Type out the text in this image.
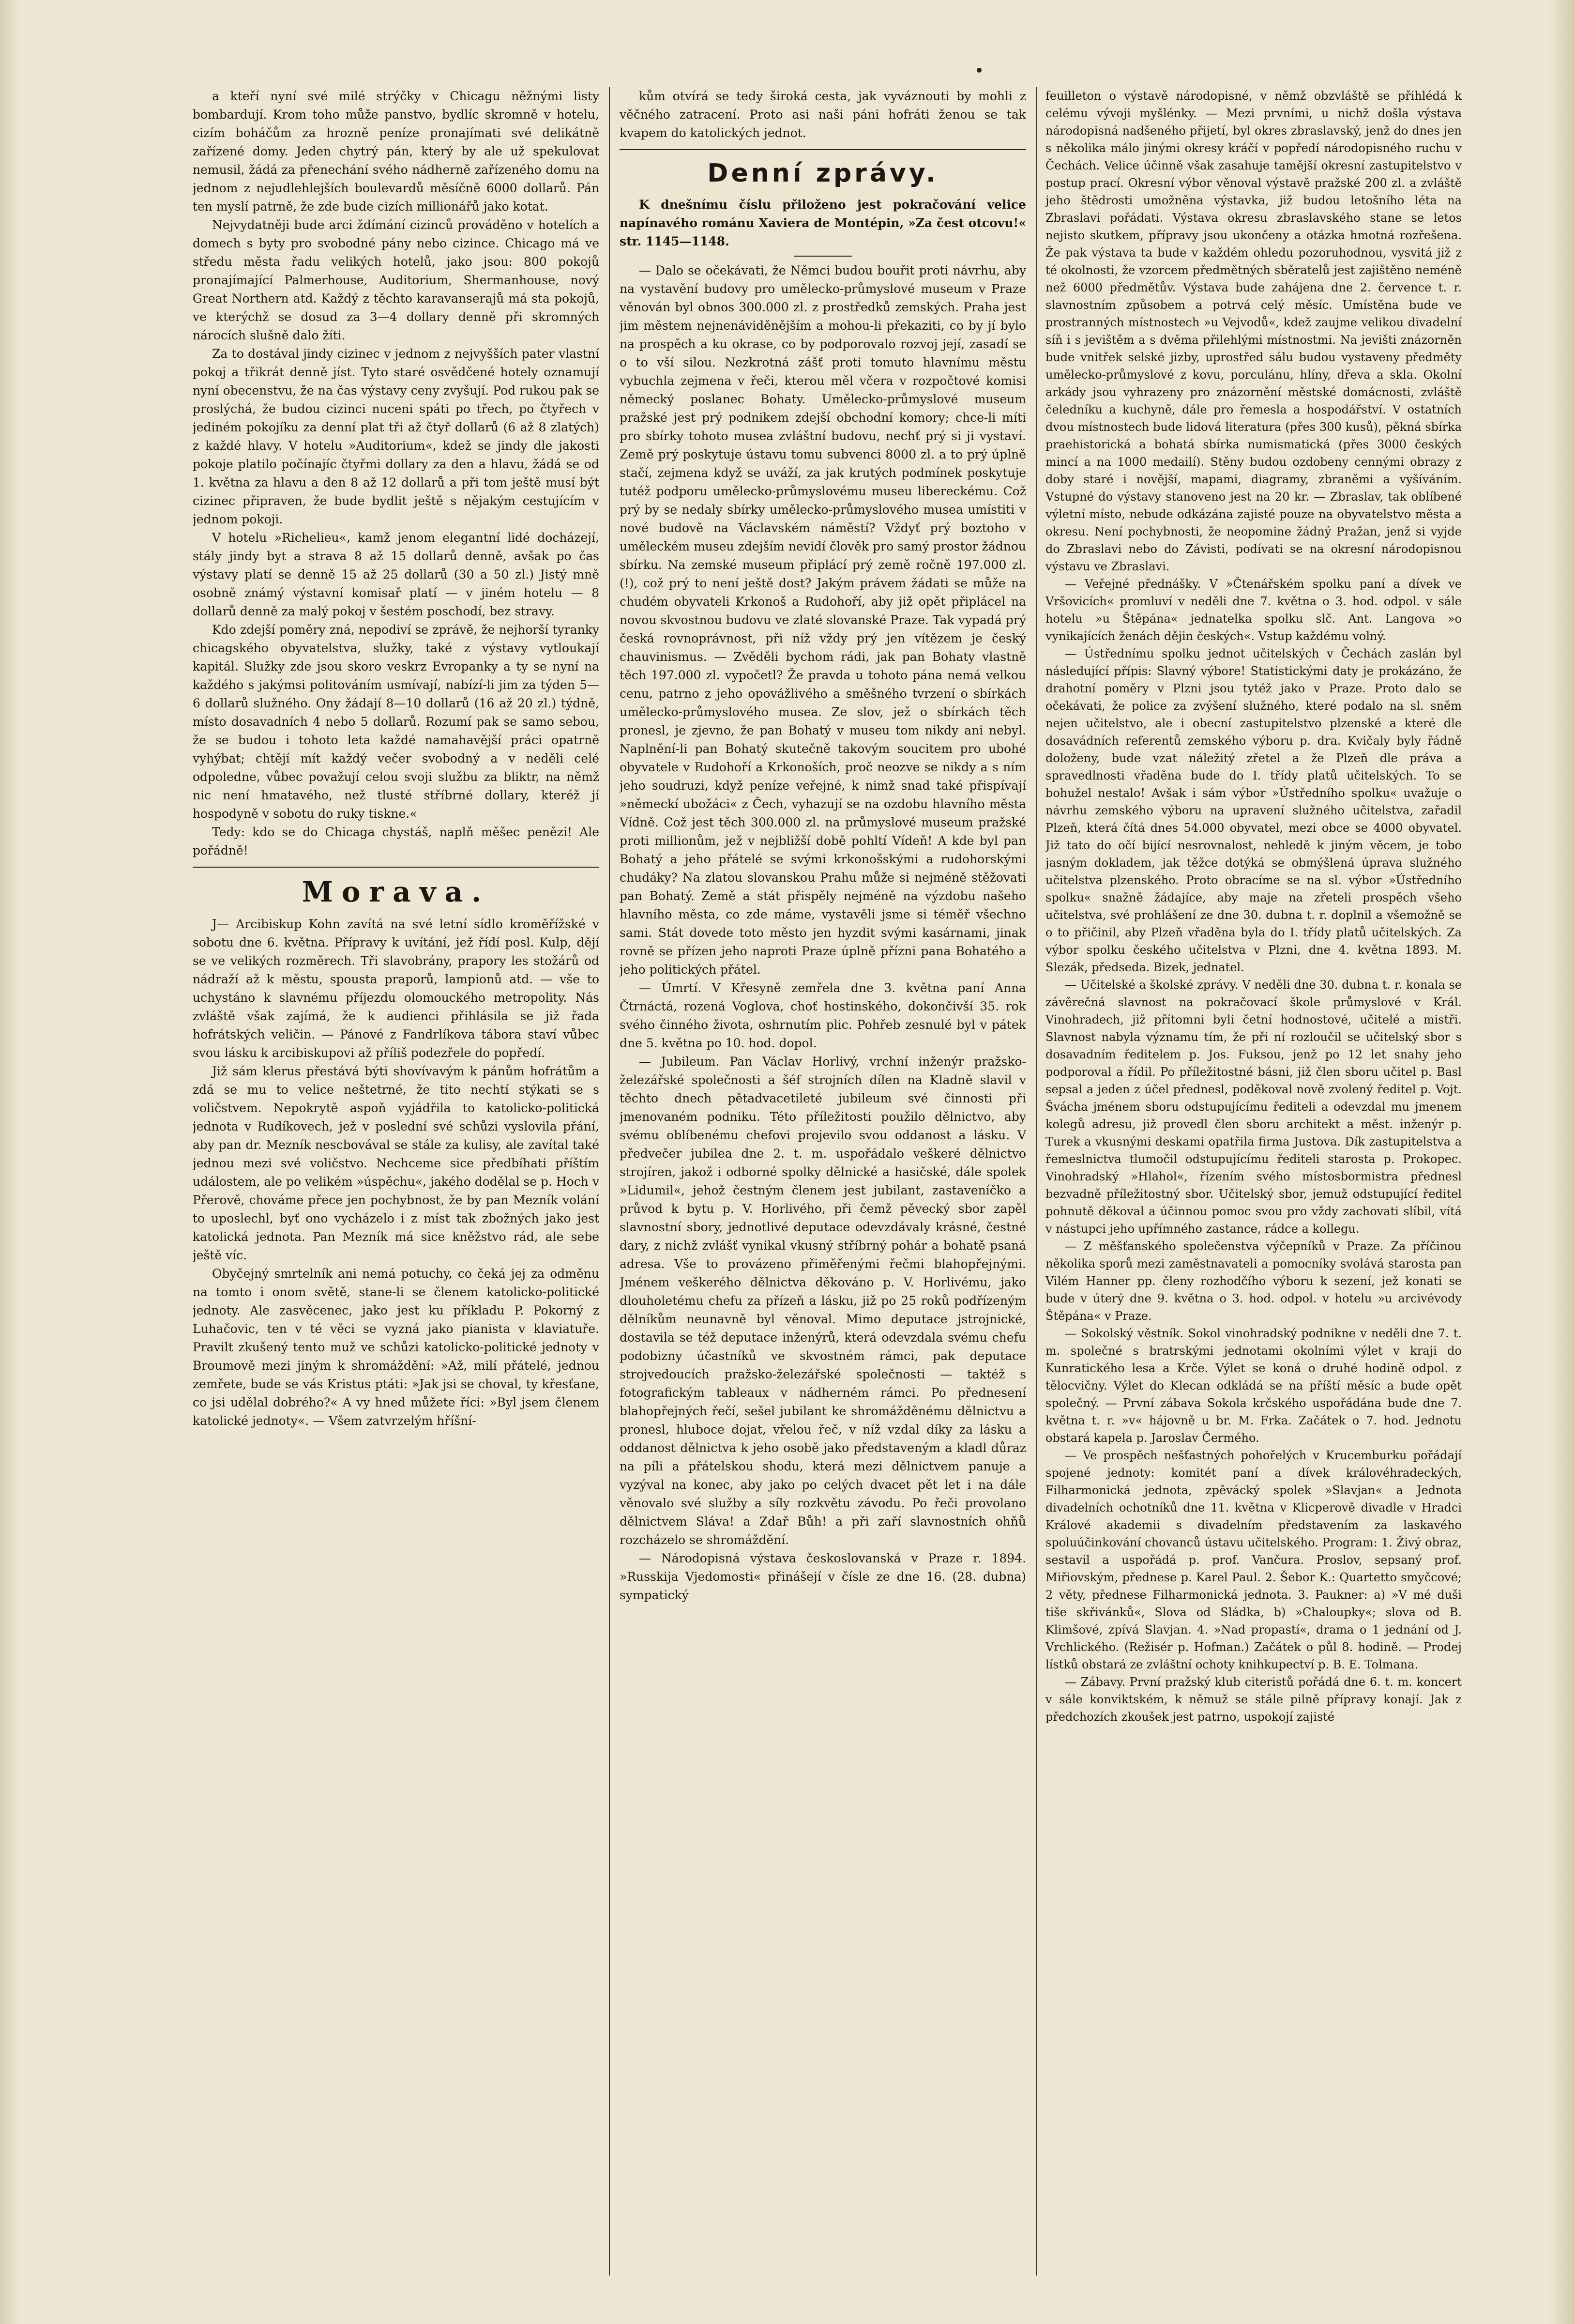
a kteří nyní své milé strýčky v Chicagu něžnými listy bombardují. Krom toho může panstvo, bydlíc skromně v hotelu, cizím boháčům za hrozně peníze pronajímati své delikátně zařízené domy. Jeden chytrý pán, který by ale už spekulovat nemusil, žádá za přenechání svého nádherně zařízeného domu na jednom z nejudlehlejších boulevardů měsíčně 6000 dollarů. Pán ten myslí patrně, že zde bude cizích millionářů jako kotat.

Nejvydatněji bude arci ždímání cizinců prováděno v hotelích a domech s byty pro svobodné pány nebo cizince. Chicago má ve středu města řadu velikých hotelů, jako jsou: 800 pokojů pronajímající Palmerhouse, Auditorium, Shermanhouse, nový Great Northern atd. Každý z těchto karavanserajů má sta pokojů, ve kterýchž se dosud za 3—4 dollary denně při skromných nárocích slušně dalo žíti.

Za to dostával jindy cizinec v jednom z nejvyšších pater vlastní pokoj a třikrát denně jíst. Tyto staré osvědčené hotely oznamují nyní obecenstvu, že na čas výstavy ceny zvyšují. Pod rukou pak se proslýchá, že budou cizinci nuceni spáti po třech, po čtyřech v jediném pokojíku za denní plat tři až čtyř dollarů (6 až 8 zlatých) z každé hlavy. V hotelu »Auditorium«, kdež se jindy dle jakosti pokoje platilo počínajíc čtyřmi dollary za den a hlavu, žádá se od 1. května za hlavu a den 8 až 12 dollarů a při tom ještě musí být cizinec připraven, že bude bydlit ještě s nějakým cestujícím v jednom pokoji.

V hotelu »Richelieu«, kamž jenom elegantní lidé docházejí, stály jindy byt a strava 8 až 15 dollarů denně, avšak po čas výstavy platí se denně 15 až 25 dollarů (30 a 50 zl.) Jistý mně osobně známý výstavní komisař platí — v jiném hotelu — 8 dollarů denně za malý pokoj v šestém poschodí, bez stravy.

Kdo zdejší poměry zná, nepodiví se zprávě, že nejhorší tyranky chicagského obyvatelstva, služky, také z výstavy vytloukají kapitál. Služky zde jsou skoro veskrz Evropanky a ty se nyní na každého s jakýmsi politováním usmívají, nabízí-li jim za týden 5—6 dollarů služného. Ony žádají 8—10 dollarů (16 až 20 zl.) týdně, místo dosavadních 4 nebo 5 dollarů. Rozumí pak se samo sebou, že se budou i tohoto leta každé namahavější práci opatrně vyhýbat; chtějí mít každý večer svobodný a v neděli celé odpoledne, vůbec považují celou svoji službu za bliktr, na němž nic není hmatavého, než tlusté stříbrné dollary, kteréž jí hospodyně v sobotu do ruky tiskne.«

Tedy: kdo se do Chicaga chystáš, naplň měšec penězi! Ale pořádně!

Morava.

J— Arcibiskup Kohn zavítá na své letní sídlo kroměřížské v sobotu dne 6. května. Přípravy k uvítání, jež řídí posl. Kulp, dějí se ve velikých rozměrech. Tři slavobrány, prapory les stožárů od nádraží až k městu, spousta praporů, lampionů atd. — vše to uchystáno k slavnému příjezdu olomouckého metropolity. Nás zvláště však zajímá, že k audienci přihlásila se již řada hofrátských veličin. — Pánové z Fandrlíkova tábora staví vůbec svou lásku k arcibiskupovi až příliš podezřele do popředí.

Již sám klerus přestává býti shovívavým k pánům hofrátům a zdá se mu to velice neštetrné, že tito nechtí stýkati se s voličstvem. Nepokrytě aspoň vyjádřila to katolicko-politická jednota v Rudíkovech, jež v poslední své schůzi vyslovila přání, aby pan dr. Mezník nescbovával se stále za kulisy, ale zavítal také jednou mezi své voličstvo. Nechceme sice předbíhati příštím událostem, ale po velikém »úspěchu«, jakého dodělal se p. Hoch v Přerově, chováme přece jen pochybnost, že by pan Mezník volání to uposlechl, byť ono vycházelo i z míst tak zbožných jako jest katolická jednota. Pan Mezník má sice kněžstvo rád, ale sebe ještě víc.

Obyčejný smrtelník ani nemá potuchy, co čeká jej za odměnu na tomto i onom světě, stane-li se členem katolicko-politické jednoty. Ale zasvěcenec, jako jest ku příkladu P. Pokorný z Luhačovic, ten v té věci se vyzná jako pianista v klaviatuře. Pravilt zkušený tento muž ve schůzi katolicko-politické jednoty v Broumově mezi jiným k shromáždění: »Až, milí přátelé, jednou zemřete, bude se vás Kristus ptáti: »Jak jsi se choval, ty křesťane, co jsi udělal dobrého?« A vy hned můžete říci: »Byl jsem členem katolické jednoty«. — Všem zatvrzelým hříšní-

kům otvírá se tedy široká cesta, jak vyváznouti by mohli z věčného zatracení. Proto asi naši páni hofráti ženou se tak kvapem do katolických jednot.

Denní zprávy.

K dnešnímu číslu přiloženo jest pokračování velice napínavého románu Xaviera de Montépin, »Za čest otcovu!« str. 1145—1148.

— Dalo se očekávati, že Němci budou bouřit proti návrhu, aby na vystavění budovy pro umělecko-průmyslové museum v Praze věnován byl obnos 300.000 zl. z prostředků zemských. Praha jest jim městem nejnenáviděnějším a mohou-li překaziti, co by jí bylo na prospěch a ku okrase, co by podporovalo rozvoj její, zasadí se o to vší silou. Nezkrotná zášť proti tomuto hlavnímu městu vybuchla zejmena v řeči, kterou měl včera v rozpočtové komisi německý poslanec Bohaty. Umělecko-průmyslové museum pražské jest prý podnikem zdejší obchodní komory; chce-li míti pro sbírky tohoto musea zvláštní budovu, nechť prý si ji vystaví. Země prý poskytuje ústavu tomu subvenci 8000 zl. a to prý úplně stačí, zejmena když se uváží, za jak krutých podmínek poskytuje tutéž podporu umělecko-průmyslovému museu libereckému. Což prý by se nedaly sbírky umělecko-průmyslového musea umístiti v nové budově na Václavském náměstí? Vždyť prý boztoho v uměleckém museu zdejším nevidí člověk pro samý prostor žádnou sbírku. Na zemské museum připlácí prý země ročně 197.000 zl. (!), což prý to není ještě dost? Jakým právem žádati se může na chudém obyvateli Krkonoš a Rudohoří, aby již opět připlácel na novou skvostnou budovu ve zlaté slovanské Praze. Tak vypadá prý česká rovnoprávnost, při níž vždy prý jen vítězem je český chauvinismus. — Zvěděli bychom rádi, jak pan Bohaty vlastně těch 197.000 zl. vypočetl? Že pravda u tohoto pána nemá velkou cenu, patrno z jeho opovážlivého a směšného tvrzení o sbírkách umělecko-průmyslového musea. Ze slov, jež o sbírkách těch pronesl, je zjevno, že pan Bohatý v museu tom nikdy ani nebyl. Naplnění-li pan Bohatý skutečně takovým soucitem pro ubohé obyvatele v Rudohoří a Krkonoších, proč neozve se nikdy a s ním jeho soudruzi, když peníze veřejné, k nimž snad také přispívají »německí ubožáci« z Čech, vyhazují se na ozdobu hlavního města Vídně. Což jest těch 300.000 zl. na průmyslové museum pražské proti millionům, jež v nejbližší době pohltí Vídeň! A kde byl pan Bohatý a jeho přátelé se svými krkonošskými a rudohorskými chudáky? Na zlatou slovanskou Prahu může si nejméně stěžovati pan Bohatý. Země a stát přispěly nejméně na výzdobu našeho hlavního města, co zde máme, vystavěli jsme si téměř všechno sami. Stát dovede toto město jen hyzdit svými kasárnami, jinak rovně se přízen jeho naproti Praze úplně přízni pana Bohatého a jeho politických přátel.

— Úmrtí. V Křesyně zemřela dne 3. května paní Anna Čtrnáctá, rozená Voglova, choť hostinského, dokončivší 35. rok svého činného života, oshrnutím plic. Pohřeb zesnulé byl v pátek dne 5. května po 10. hod. dopol.

— Jubileum. Pan Václav Horlivý, vrchní inženýr pražsko-železářské společnosti a šéf strojních dílen na Kladně slavil v těchto dnech pětadvacetileté jubileum své činnosti při jmenovaném podniku. Této příležitosti použilo dělnictvo, aby svému oblíbenému chefovi projevilo svou oddanost a lásku. V předvečer jubilea dne 2. t. m. uspořádalo veškeré dělnictvo strojíren, jakož i odborné spolky dělnické a hasičské, dále spolek »Lidumil«, jehož čestným členem jest jubilant, zastaveníčko a průvod k bytu p. V. Horlivého, při čemž pěvecký sbor zapěl slavnostní sbory, jednotlivé deputace odevzdávaly krásné, čestné dary, z nichž zvlášť vynikal vkusný stříbrný pohár a bohatě psaná adresa. Vše to provázeno přiměřenými řečmi blahopřejnými. Jménem veškerého dělnictva děkováno p. V. Horlivému, jako dlouholetému chefu za přízeň a lásku, již po 25 roků podřízeným dělníkům neunavně byl věnoval. Mimo deputace jstrojnické, dostavila se též deputace inženýrů, která odevzdala svému chefu podobizny účastníků ve skvostném rámci, pak deputace strojvedoucích pražsko-železářské společnosti — taktéž s fotografickým tableaux v nádherném rámci. Po přednesení blahopřejných řečí, sešel jubilant ke shromážděnému dělnictvu a pronesl, hluboce dojat, vřelou řeč, v níž vzdal díky za lásku a oddanost dělnictva k jeho osobě jako představeným a kladl důraz na píli a přátelskou shodu, která mezi dělnictvem panuje a vyzýval na konec, aby jako po celých dvacet pět let i na dále věnovalo své služby a síly rozkvětu závodu. Po řeči provolano dělnictvem Sláva! a Zdař Bůh! a při zaří slavnostních ohňů rozcházelo se shromáždění.

— Národopisná výstava českoslovanská v Praze r. 1894. »Russkija Vjedomosti« přinášejí v čísle ze dne 16. (28. dubna) sympatický

feuilleton o výstavě národopisné, v němž obzvláště se přihlédá k celému vývoji myšlénky. — Mezi prvními, u nichž došla výstava národopisná nadšeného přijetí, byl okres zbraslavský, jenž do dnes jen s několika málo jinými okresy kráčí v popředí národopisného ruchu v Čechách. Velice účinně však zasahuje tamější okresní zastupitelstvo v postup prací. Okresní výbor věnoval výstavě pražské 200 zl. a zvláště jeho štědrosti umožněna výstavka, již budou letošního léta na Zbraslavi pořádati. Výstava okresu zbraslavského stane se letos nejisto skutkem, přípravy jsou ukončeny a otázka hmotná rozřešena. Že pak výstava ta bude v každém ohledu pozoruhodnou, vysvitá již z té okolnosti, že vzorcem předmětných sběratelů jest zajištěno neméně než 6000 předmětův. Výstava bude zahájena dne 2. července t. r. slavnostním způsobem a potrvá celý měsíc. Umístěna bude ve prostranných místnostech »u Vejvodů«, kdež zaujme velikou divadelní síň i s jevištěm a s dvěma přilehlými místnostmi. Na jevišti znázorněn bude vnitřek selské jizby, uprostřed sálu budou vystaveny předměty umělecko-průmyslové z kovu, porculánu, hlíny, dřeva a skla. Okolní arkády jsou vyhrazeny pro znázornění městské domácnosti, zvláště čeledníku a kuchyně, dále pro řemesla a hospodářství. V ostatních dvou místnostech bude lidová literatura (přes 300 kusů), pěkná sbírka praehistorická a bohatá sbírka numismatická (přes 3000 českých mincí a na 1000 medailí). Stěny budou ozdobeny cennými obrazy z doby staré i novější, mapami, diagramy, zbraněmi a vyšíváním. Vstupné do výstavy stanoveno jest na 20 kr. — Zbraslav, tak oblíbené výletní místo, nebude odkázána zajisté pouze na obyvatelstvo města a okresu. Není pochybnosti, že neopomine žádný Pražan, jenž si vyjde do Zbraslavi nebo do Závisti, podívati se na okresní národopisnou výstavu ve Zbraslavi.

— Veřejné přednášky. V »Čtenářském spolku paní a dívek ve Vršovicích« promluví v neděli dne 7. května o 3. hod. odpol. v sále hotelu »u Štěpána« jednatelka spolku slč. Ant. Langova »o vynikajících ženách dějin českých«. Vstup každému volný.

— Ústřednímu spolku jednot učitelských v Čechách zaslán byl následující přípis: Slavný výbore! Statistickými daty je prokázáno, že drahotní poměry v Plzni jsou tytéž jako v Praze. Proto dalo se očekávati, že police za zvýšení služného, které podalo na sl. sněm nejen učitelstvo, ale i obecní zastupitelstvo plzenské a které dle dosavádních referentů zemského výboru p. dra. Kvičaly byly řádně doloženy, bude vzat náležitý zřetel a že Plzeň dle práva a spravedlnosti vřaděna bude do I. třídy platů učitelských. To se bohužel nestalo! Avšak i sám výbor »Ústředního spolku« uvažuje o návrhu zemského výboru na upravení služného učitelstva, zařadil Plzeň, která čítá dnes 54.000 obyvatel, mezi obce se 4000 obyvatel. Již tato do očí bijící nesrovnalost, nehledě k jiným věcem, je tobo jasným dokladem, jak těžce dotýká se obmýšlená úprava služného učitelstva plzenského. Proto obracíme se na sl. výbor »Ústředního spolku« snažně žádajíce, aby maje na zřeteli prospěch všeho učitelstva, své prohlášení ze dne 30. dubna t. r. doplnil a všemožně se o to přičinil, aby Plzeň vřaděna byla do I. třídy platů učitelských. Za výbor spolku českého učitelstva v Plzni, dne 4. května 1893. M. Slezák, předseda. Bizek, jednatel.

— Učitelské a školské zprávy. V neděli dne 30. dubna t. r. konala se závěrečná slavnost na pokračovací škole průmyslové v Král. Vinohradech, již přítomni byli četní hodnostové, učitelé a mistři. Slavnost nabyla významu tím, že při ní rozloučil se učitelský sbor s dosavadním ředitelem p. Jos. Fuksou, jenž po 12 let snahy jeho podporoval a řídil. Po příležitostné básni, již člen sboru učitel p. Basl sepsal a jeden z účel přednesl, poděkoval nově zvolený ředitel p. Vojt. Švácha jménem sboru odstupujícímu řediteli a odevzdal mu jmenem kolegů adresu, již provedl člen sboru architekt a měst. inženýr p. Turek a vkusnými deskami opatřila firma Justova. Dík zastupitelstva a řemeslnictva tlumočil odstupujícímu řediteli starosta p. Prokopec. Vinohradský »Hlahol«, řízením svého místosbormistra přednesl bezvadně příležitostný sbor. Učitelský sbor, jemuž odstupující ředitel pohnutě děkoval a účinnou pomoc svou pro vždy zachovati slíbil, vítá v nástupci jeho upřímného zastance, rádce a kollegu.

— Z měšťanského společenstva výčepníků v Praze. Za příčinou několika sporů mezi zaměstnavateli a pomocníky svolává starosta pan Vilém Hanner pp. členy rozhodčího výboru k sezení, jež konati se bude v úterý dne 9. května o 3. hod. odpol. v hotelu »u arcivévody Štěpána« v Praze.

— Sokolský věstník. Sokol vinohradský podnikne v neděli dne 7. t. m. společné s bratrskými jednotami okolními výlet v kraji do Kunratického lesa a Krče. Výlet se koná o druhé hodině odpol. z tělocvičny. Výlet do Klecan odkládá se na příští měsíc a bude opět společný. — První zábava Sokola krčského uspořádána bude dne 7. května t. r. »v« hájovně u br. M. Frka. Začátek o 7. hod. Jednotu obstará kapela p. Jaroslav Čermého.

— Ve prospěch nešťastných pohořelých v Krucemburku pořádají spojené jednoty: komitét paní a dívek královéhradeckých, Filharmonická jednota, zpěvácký spolek »Slavjan« a Jednota divadelních ochotníků dne 11. května v Klicperově divadle v Hradci Králové akademii s divadelním představením za laskavého spoluúčinkování chovanců ústavu učitelského. Program: 1. Živý obraz, sestavil a uspořádá p. prof. Vančura. Proslov, sepsaný prof. Miřiovským, přednese p. Karel Paul. 2. Šebor K.: Quartetto smyčcové; 2 věty, přednese Filharmonická jednota. 3. Paukner: a) »V mé duši tiše skřivánků«, Slova od Sládka, b) »Chaloupky«; slova od B. Klimšové, zpívá Slavjan. 4. »Nad propastí«, drama o 1 jednání od J. Vrchlického. (Režisér p. Hofman.) Začátek o půl 8. hodině. — Prodej lístků obstará ze zvláštní ochoty knihkupectví p. B. E. Tolmana.

— Zábavy. První pražský klub citeristů pořádá dne 6. t. m. koncert v sále konviktském, k němuž se stále pilně přípravy konají. Jak z předchozích zkoušek jest patrno, uspokojí zajisté
